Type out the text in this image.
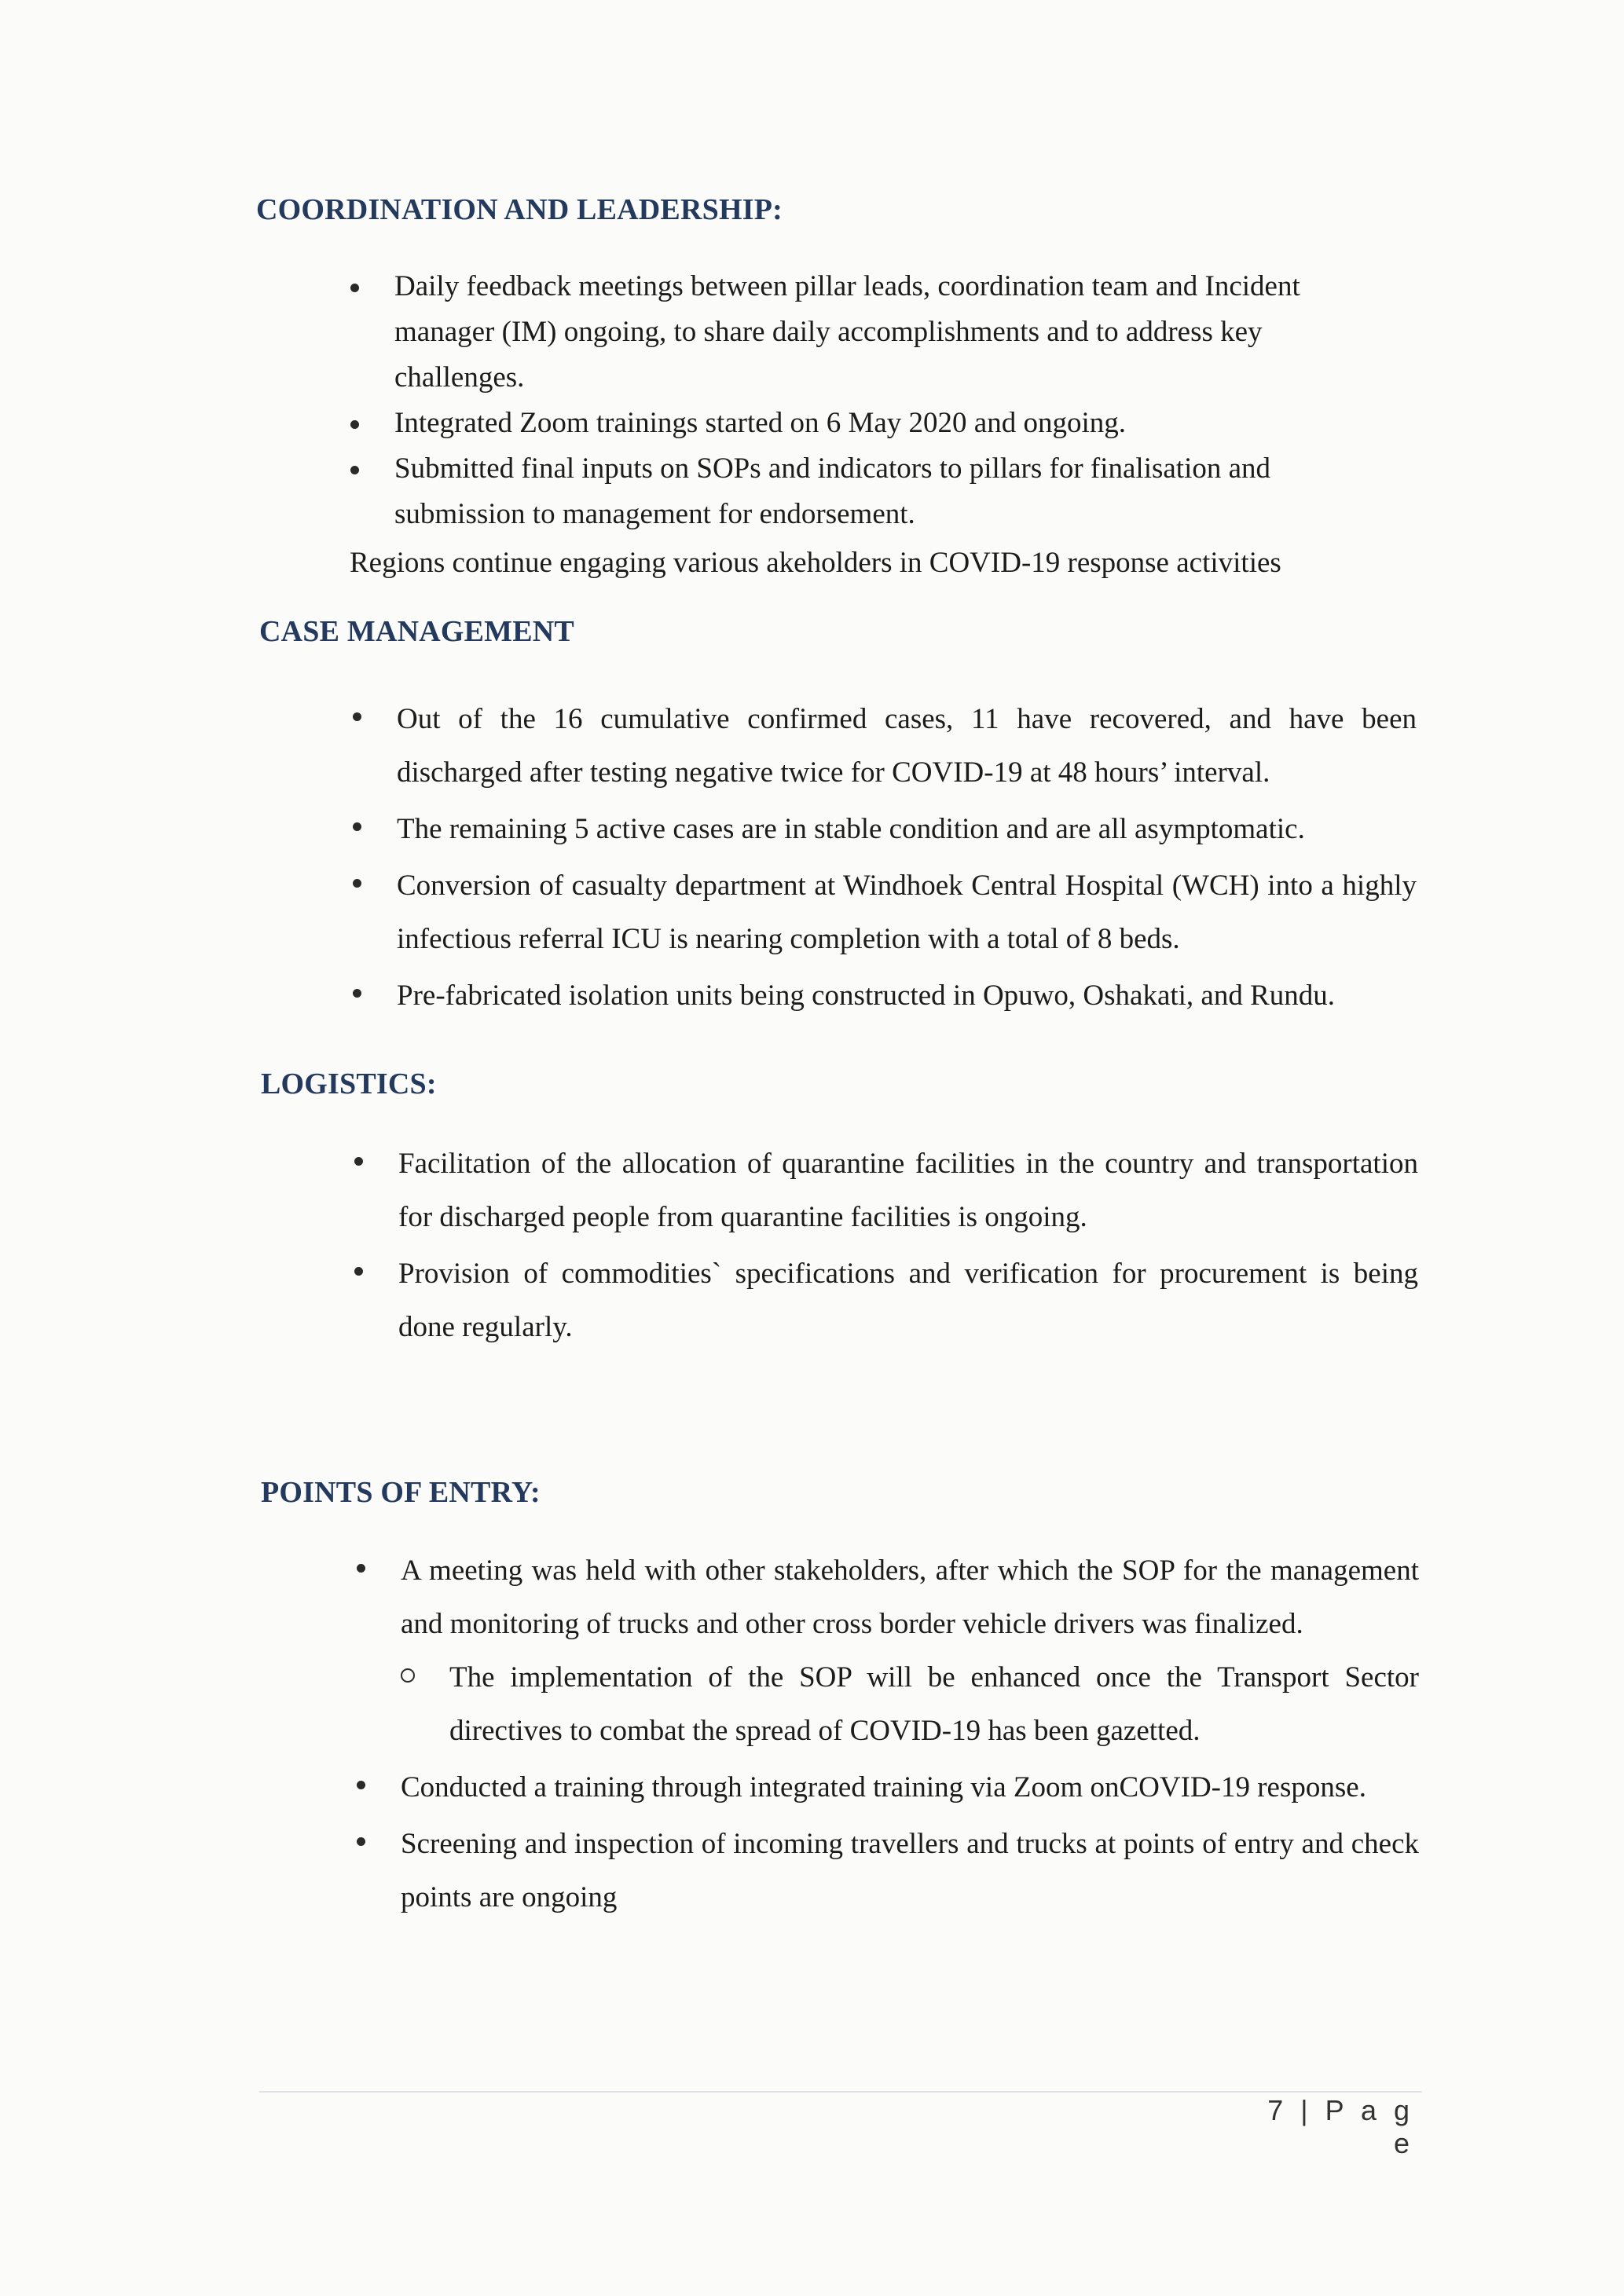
COORDINATION AND LEADERSHIP:
Daily feedback meetings between pillar leads, coordination team and Incident manager (IM) ongoing, to share daily accomplishments and to address key challenges.
Integrated Zoom trainings started on 6 May 2020 and ongoing.
Submitted final inputs on SOPs and indicators to pillars for finalisation and submission to management for endorsement.

Regions continue engaging various akeholders in COVID-19 response activities

CASE MANAGEMENT
Out of the 16 cumulative confirmed cases, 11 have recovered, and have been discharged after testing negative twice for COVID-19 at 48 hours’ interval.
The remaining 5 active cases are in stable condition and are all asymptomatic.
Conversion of casualty department at Windhoek Central Hospital (WCH) into a highly infectious referral ICU is nearing completion with a total of 8 beds.
Pre-fabricated isolation units being constructed in Opuwo, Oshakati, and Rundu.
LOGISTICS:
Facilitation of the allocation of quarantine facilities in the country and transportation for discharged people from quarantine facilities is ongoing.
Provision of commodities` specifications and verification for procurement is being done regularly.
POINTS OF ENTRY:
A meeting was held with other stakeholders, after which the SOP for the management and monitoring of trucks and other cross border vehicle drivers was finalized.
The implementation of the SOP will be enhanced once the Transport Sector directives to combat the spread of COVID-19 has been gazetted.
Conducted a training through integrated training via Zoom onCOVID-19 response.
Screening and inspection of incoming travellers and trucks at points of entry and check points are ongoing
7 | P a g e
